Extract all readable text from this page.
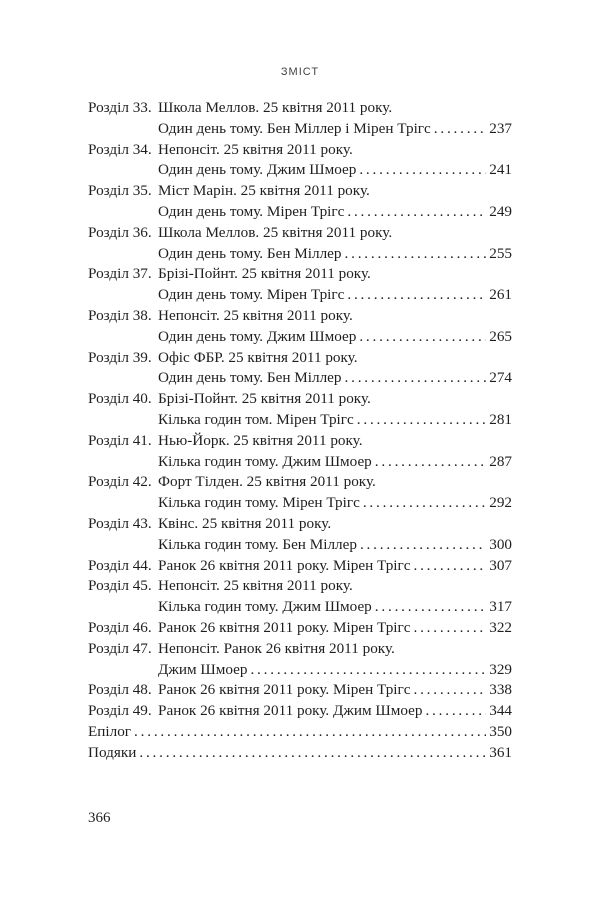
ЗМІСТ
Розділ 33. Школа Меллов. 25 квітня 2011 року.
Один день тому. Бен Міллер і Мірен Трігс . . .	237
Розділ 34. Непонсіт. 25 квітня 2011 року.
Один день тому. Джим Шмоер . . .	241
Розділ 35. Міст Марін. 25 квітня 2011 року.
Один день тому. Мірен Трігс . . .	249
Розділ 36. Школа Меллов. 25 квітня 2011 року.
Один день тому. Бен Міллер . . .	255
Розділ 37. Брізі-Пойнт. 25 квітня 2011 року.
Один день тому. Мірен Трігс . . .	261
Розділ 38. Непонсіт. 25 квітня 2011 року.
Один день тому. Джим Шмоер . . .	265
Розділ 39. Офіс ФБР. 25 квітня 2011 року.
Один день тому. Бен Міллер . . .	274
Розділ 40. Брізі-Пойнт. 25 квітня 2011 року.
Кілька годин том. Мірен Трігс . . .	281
Розділ 41. Нью-Йорк. 25 квітня 2011 року.
Кілька годин тому. Джим Шмоер . . .	287
Розділ 42. Форт Тілден. 25 квітня 2011 року.
Кілька годин тому. Мірен Трігс . . .	292
Розділ 43. Квінс. 25 квітня 2011 року.
Кілька годин тому. Бен Міллер . . .	300
Розділ 44. Ранок 26 квітня 2011 року. Мірен Трігс . . .	307
Розділ 45. Непонсіт. 25 квітня 2011 року.
Кілька годин тому. Джим Шмоер . . .	317
Розділ 46. Ранок 26 квітня 2011 року. Мірен Трігс . . .	322
Розділ 47. Непонсіт. Ранок 26 квітня 2011 року.
Джим Шмоер . . .	329
Розділ 48. Ранок 26 квітня 2011 року. Мірен Трігс . . .	338
Розділ 49. Ранок 26 квітня 2011 року. Джим Шмоер . . .	344
Епілог . . .	350
Подяки . . .	361
366
